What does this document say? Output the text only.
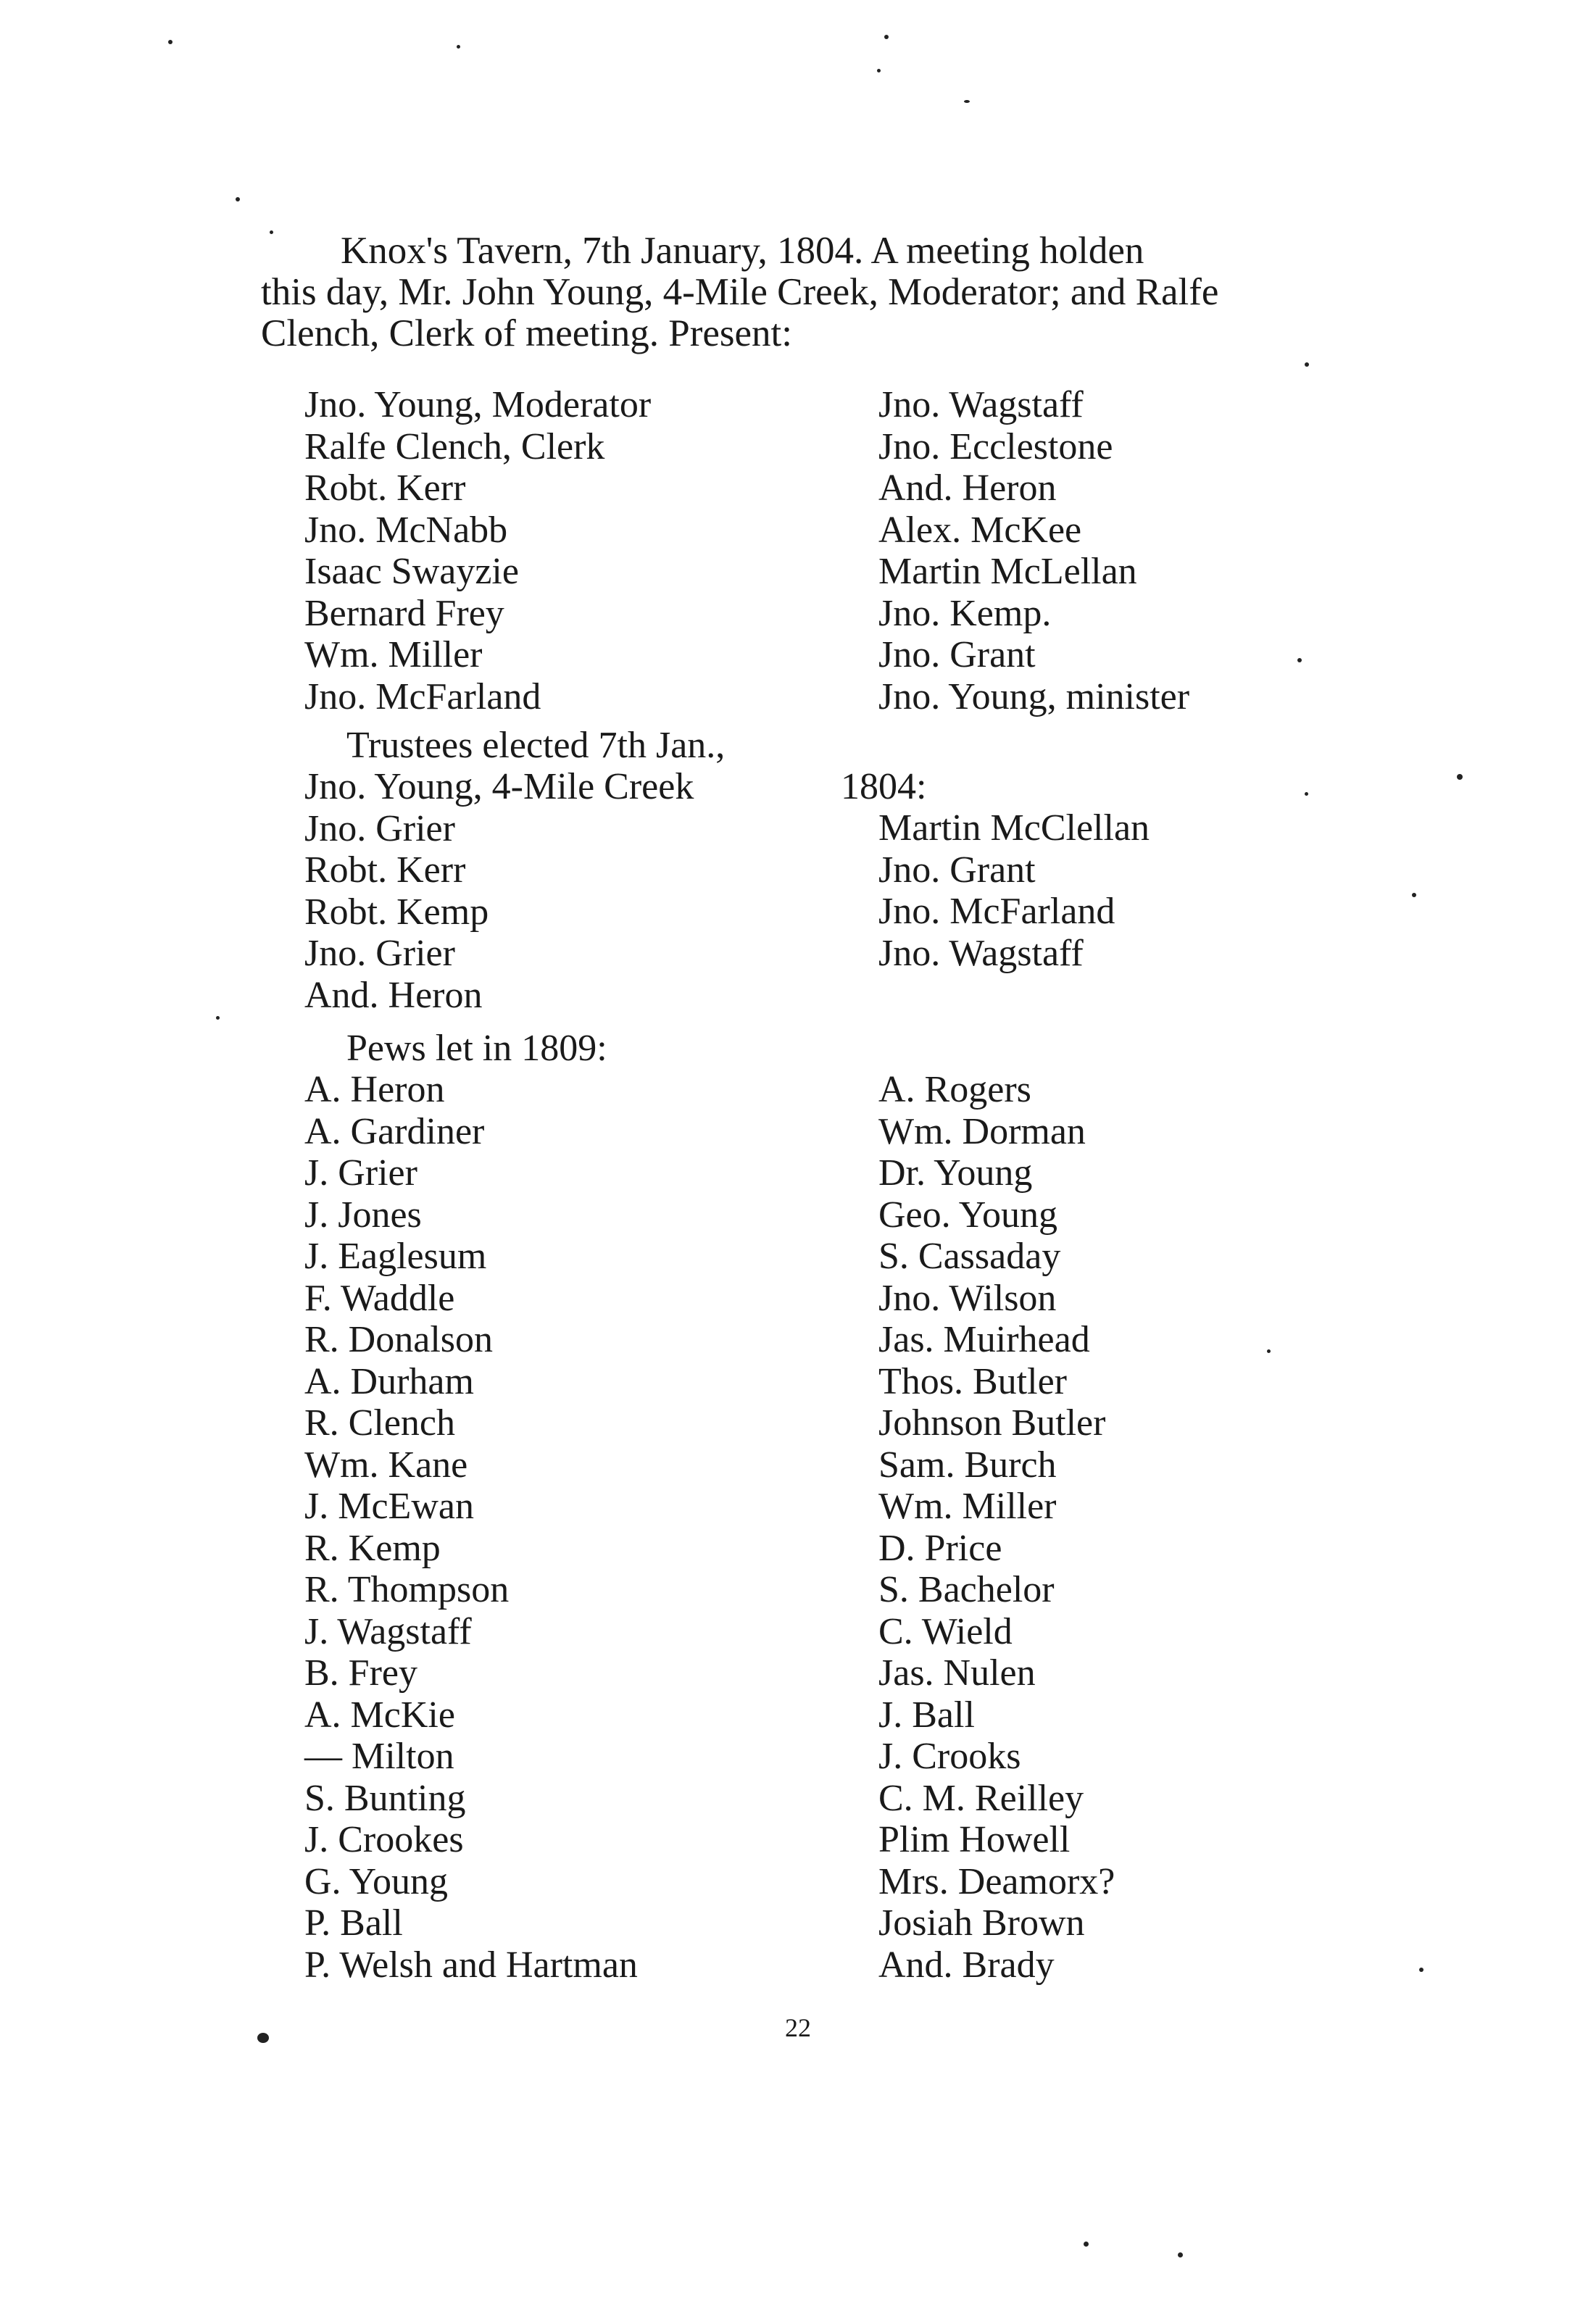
Knox's Tavern, 7th January, 1804. A meeting holden
this day, Mr. John Young, 4-Mile Creek, Moderator; and Ralfe
Clench, Clerk of meeting. Present:
Jno. Young, Moderator
Ralfe Clench, Clerk
Robt. Kerr
Jno. McNabb
Isaac Swayzie
Bernard Frey
Wm. Miller
Jno. McFarland
Jno. Wagstaff
Jno. Ecclestone
And. Heron
Alex. McKee
Martin McLellan
Jno. Kemp.
Jno. Grant
Jno. Young, minister
Trustees elected 7th Jan.,
1804:
Jno. Young, 4-Mile Creek
Jno. Grier
Robt. Kerr
Robt. Kemp
Jno. Grier
And. Heron
Martin McClellan
Jno. Grant
Jno. McFarland
Jno. Wagstaff
Pews let in 1809:
A. Heron
A. Gardiner
J. Grier
J. Jones
J. Eaglesum
F. Waddle
R. Donalson
A. Durham
R. Clench
Wm. Kane
J. McEwan
R. Kemp
R. Thompson
J. Wagstaff
B. Frey
A. McKie
— Milton
S. Bunting
J. Crookes
G. Young
P. Ball
P. Welsh and Hartman
A. Rogers
Wm. Dorman
Dr. Young
Geo. Young
S. Cassaday
Jno. Wilson
Jas. Muirhead
Thos. Butler
Johnson Butler
Sam. Burch
Wm. Miller
D. Price
S. Bachelor
C. Wield
Jas. Nulen
J. Ball
J. Crooks
C. M. Reilley
Plim Howell
Mrs. Deamorx?
Josiah Brown
And. Brady
22
